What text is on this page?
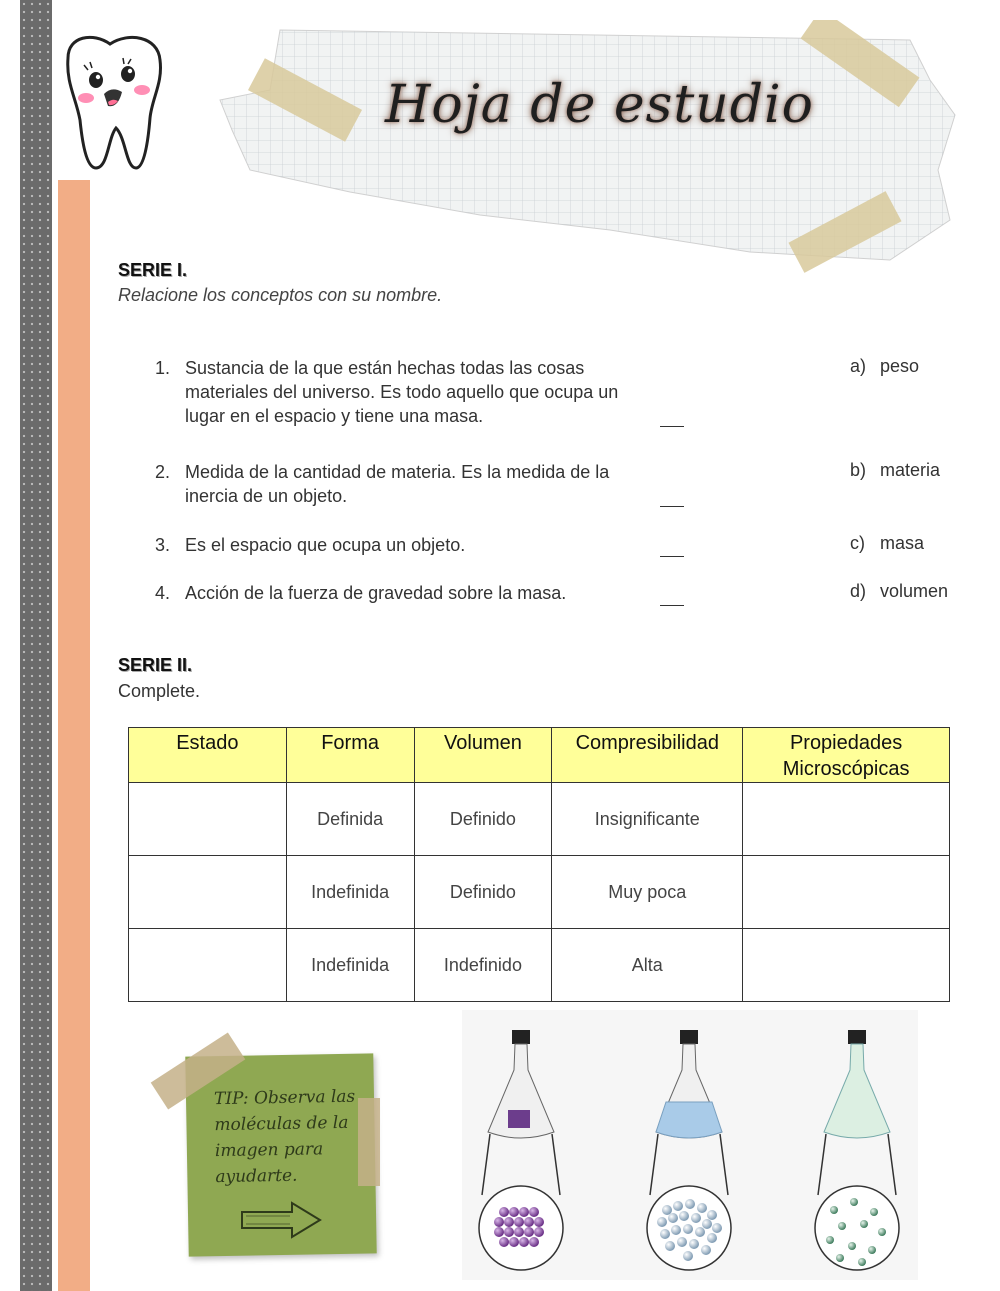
Hoja de estudio
SERIE I.
Relacione los conceptos con su nombre.
1. Sustancia de la que están hechas todas las cosas materiales del universo. Es todo aquello que ocupa un lugar en el espacio y tiene una masa.
2. Medida de la cantidad de materia. Es la medida de la inercia de un objeto.
3. Es el espacio que ocupa un objeto.
4. Acción de la fuerza de gravedad sobre la masa.
a) peso
b) materia
c) masa
d) volumen
SERIE II.
Complete.
Estado	Forma	Volumen	Compresibilidad	Propiedades Microscópicas
	Definida	Definido	Insignificante	
	Indefinida	Definido	Muy poca	
	Indefinida	Indefinido	Alta	
TIP: Observa las moléculas de la imagen para ayudarte.
